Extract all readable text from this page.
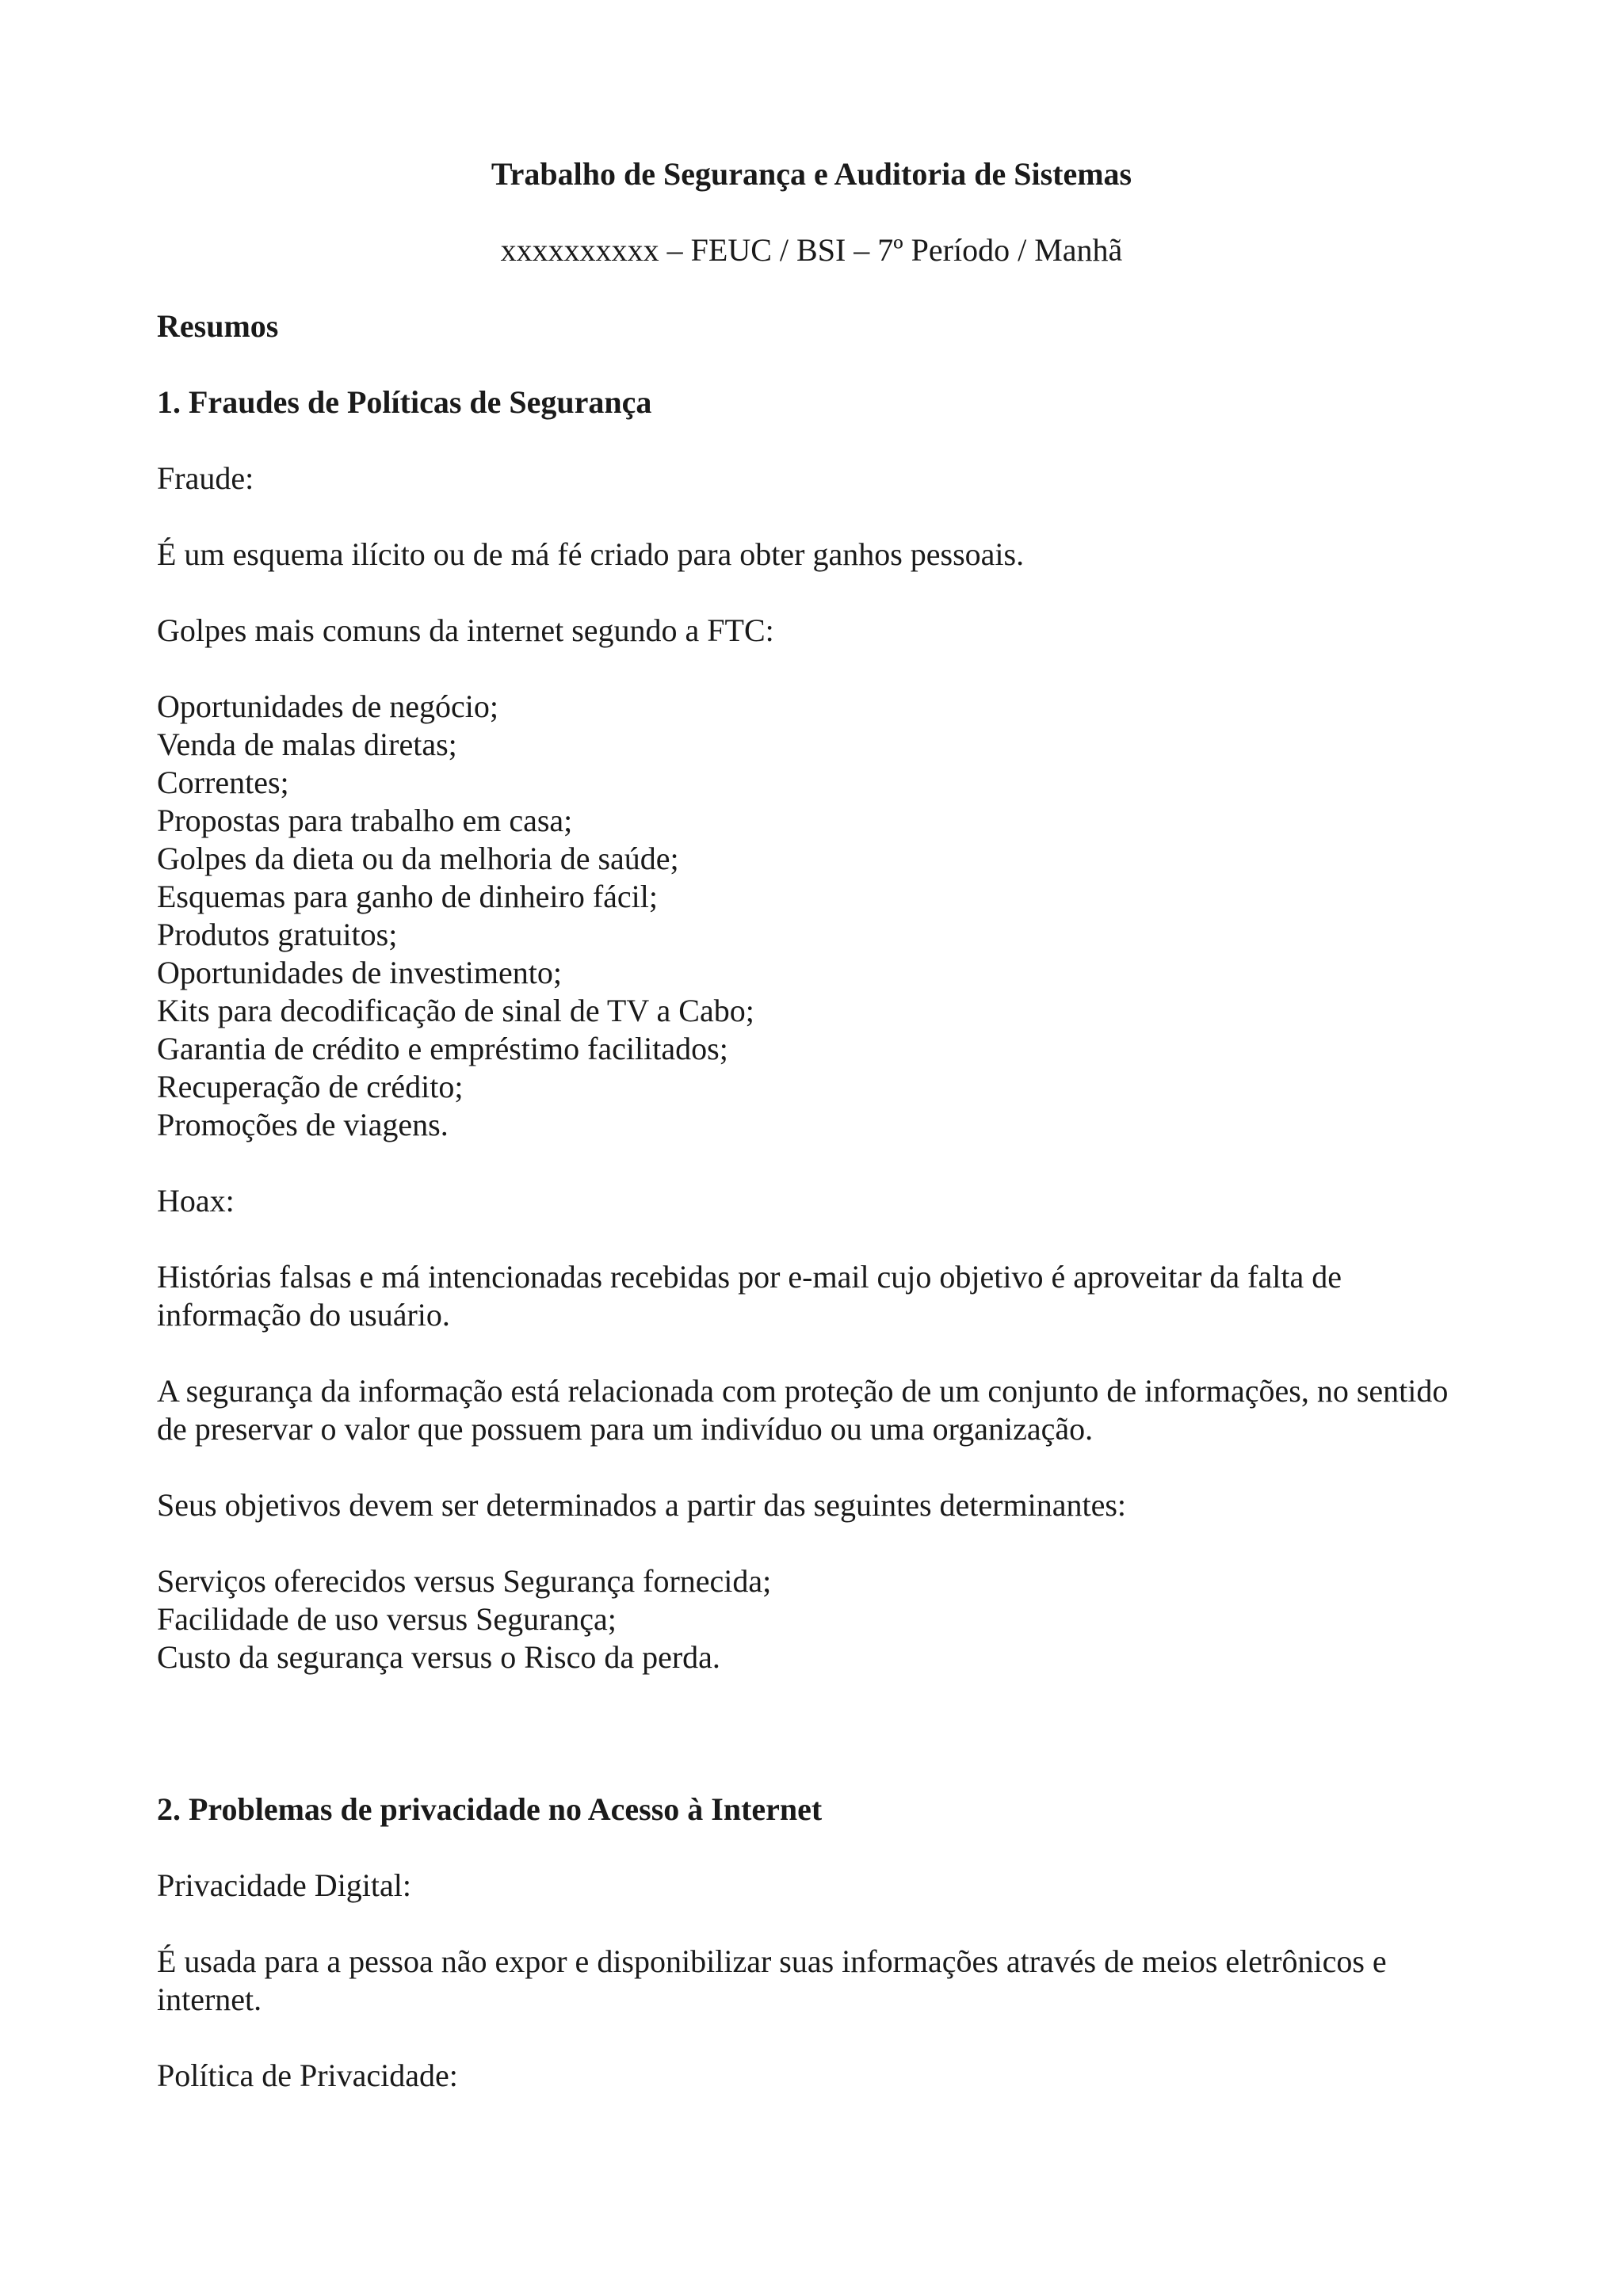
Trabalho de Segurança e Auditoria de Sistemas
xxxxxxxxxx – FEUC / BSI – 7º Período / Manhã

Resumos

1. Fraudes de Políticas de Segurança

Fraude:

É um esquema ilícito ou de má fé criado para obter ganhos pessoais.

Golpes mais comuns da internet segundo a FTC:

Oportunidades de negócio;
Venda de malas diretas;
Correntes;
Propostas para trabalho em casa;
Golpes da dieta ou da melhoria de saúde;
Esquemas para ganho de dinheiro fácil;
Produtos gratuitos;
Oportunidades de investimento;
Kits para decodificação de sinal de TV a Cabo;
Garantia de crédito e empréstimo facilitados;
Recuperação de crédito;
Promoções de viagens.

Hoax:

Histórias falsas e má intencionadas recebidas por e-mail cujo objetivo é aproveitar da falta de informação do usuário.

A segurança da informação está relacionada com proteção de um conjunto de informações, no sentido de preservar o valor que possuem para um indivíduo ou uma organização.

Seus objetivos devem ser determinados a partir das seguintes determinantes:

Serviços oferecidos versus Segurança fornecida;
Facilidade de uso versus Segurança;
Custo da segurança versus o Risco da perda.

2. Problemas de privacidade no Acesso à Internet

Privacidade Digital:

É usada para a pessoa não expor e disponibilizar suas informações através de meios eletrônicos e internet.

Política de Privacidade:
